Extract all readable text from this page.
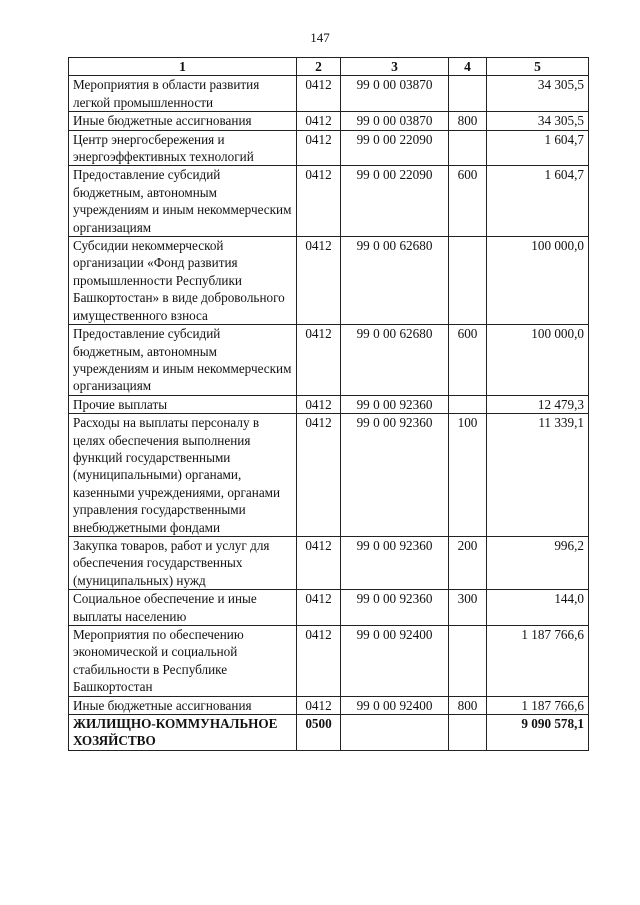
147
1	2	3	4	5
Мероприятия в области развития легкой промышленности	0412	99 0 00 03870		34 305,5
Иные бюджетные ассигнования	0412	99 0 00 03870	800	34 305,5
Центр энергосбережения и энергоэффективных технологий	0412	99 0 00 22090		1 604,7
Предоставление субсидий бюджетным, автономным учреждениям и иным некоммерческим организациям	0412	99 0 00 22090	600	1 604,7
Субсидии некоммерческой организации «Фонд развития промышленности Республики Башкортостан» в виде добровольного имущественного взноса	0412	99 0 00 62680		100 000,0
Предоставление субсидий бюджетным, автономным учреждениям и иным некоммерческим организациям	0412	99 0 00 62680	600	100 000,0
Прочие выплаты	0412	99 0 00 92360		12 479,3
Расходы на выплаты персоналу в целях обеспечения выполнения функций государственными (муниципальными) органами, казенными учреждениями, органами управления государственными внебюджетными фондами	0412	99 0 00 92360	100	11 339,1
Закупка товаров, работ и услуг для обеспечения государственных (муниципальных) нужд	0412	99 0 00 92360	200	996,2
Социальное обеспечение и иные выплаты населению	0412	99 0 00 92360	300	144,0
Мероприятия по обеспечению экономической и социальной стабильности в Республике Башкортостан	0412	99 0 00 92400		1 187 766,6
Иные бюджетные ассигнования	0412	99 0 00 92400	800	1 187 766,6
ЖИЛИЩНО-КОММУНАЛЬНОЕ ХОЗЯЙСТВО	0500			9 090 578,1
